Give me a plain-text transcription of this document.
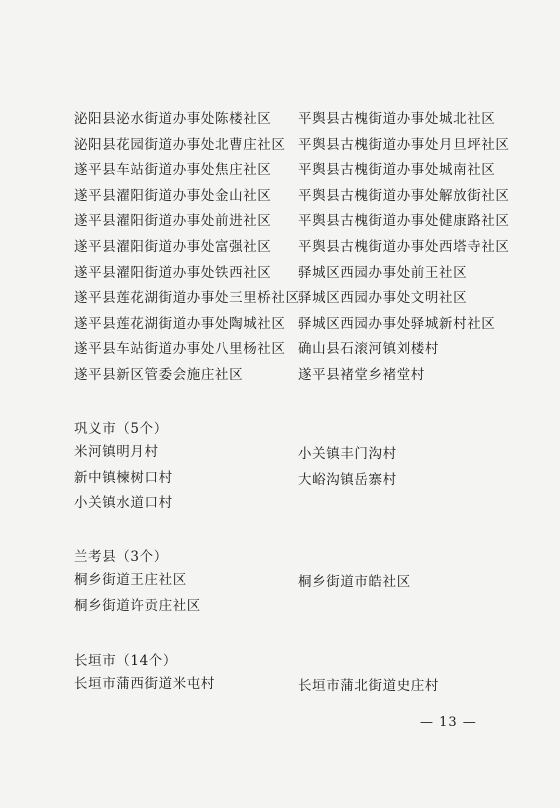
泌阳县泌水街道办事处陈楼社区
泌阳县花园街道办事处北曹庄社区
遂平县车站街道办事处焦庄社区
遂平县濯阳街道办事处金山社区
遂平县濯阳街道办事处前进社区
遂平县濯阳街道办事处富强社区
遂平县濯阳街道办事处铁西社区
遂平县莲花湖街道办事处三里桥社区
遂平县莲花湖街道办事处陶城社区
遂平县车站街道办事处八里杨社区
遂平县新区管委会施庄社区
平舆县古槐街道办事处城北社区
平舆县古槐街道办事处月旦坪社区
平舆县古槐街道办事处城南社区
平舆县古槐街道办事处解放街社区
平舆县古槐街道办事处健康路社区
平舆县古槐街道办事处西塔寺社区
驿城区西园办事处前王社区
驿城区西园办事处文明社区
驿城区西园办事处驿城新村社区
确山县石滚河镇刘楼村
遂平县褚堂乡褚堂村
巩义市（5个）
米河镇明月村
新中镇楝树口村
小关镇水道口村
小关镇丰门沟村
大峪沟镇岳寨村
兰考县（3个）
桐乡街道王庄社区
桐乡街道许贡庄社区
桐乡街道市皓社区
长垣市（14个）
长垣市蒲西街道米屯村	长垣市蒲北街道史庄村
— 13 —
